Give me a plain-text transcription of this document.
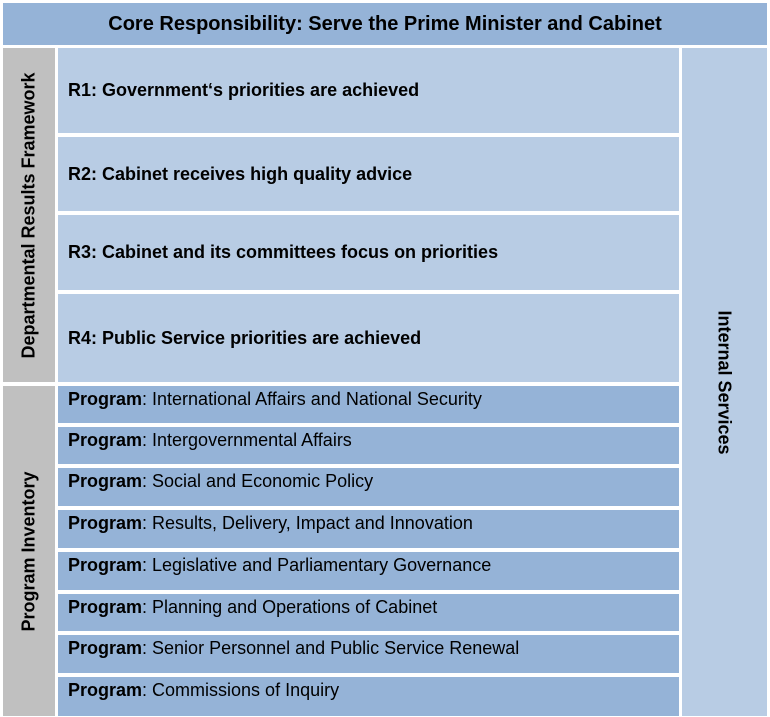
Core Responsibility: Serve the Prime Minister and Cabinet
Departmental Results Framework
Program Inventory
R1: Government‘s priorities are achieved
R2: Cabinet receives high quality advice
R3: Cabinet and its committees focus on priorities
R4: Public Service priorities are achieved
Program: International Affairs and National Security
Program: Intergovernmental Affairs
Program: Social and Economic Policy
Program: Results, Delivery, Impact and Innovation
Program: Legislative and Parliamentary Governance
Program: Planning and Operations of Cabinet
Program: Senior Personnel and Public Service Renewal
Program: Commissions of Inquiry
Internal Services
